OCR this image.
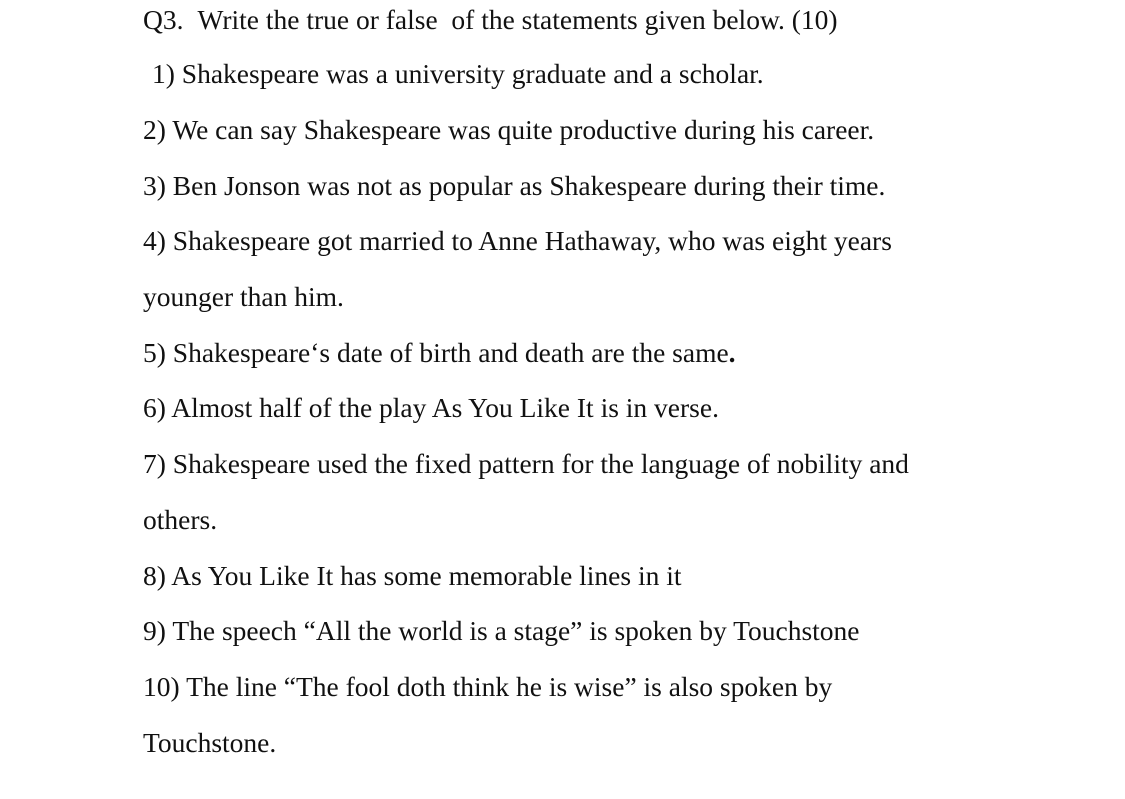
Q3. Write the true or false  of the statements given below. (10)
1) Shakespeare was a university graduate and a scholar.
2) We can say Shakespeare was quite productive during his career.
3) Ben Jonson was not as popular as Shakespeare during their time.
4) Shakespeare got married to Anne Hathaway, who was eight years
younger than him.
5) Shakespeare‘s date of birth and death are the same.
6) Almost half of the play As You Like It is in verse.
7) Shakespeare used the fixed pattern for the language of nobility and
others.
8) As You Like It has some memorable lines in it
9) The speech “All the world is a stage” is spoken by Touchstone
10) The line “The fool doth think he is wise” is also spoken by
Touchstone.
